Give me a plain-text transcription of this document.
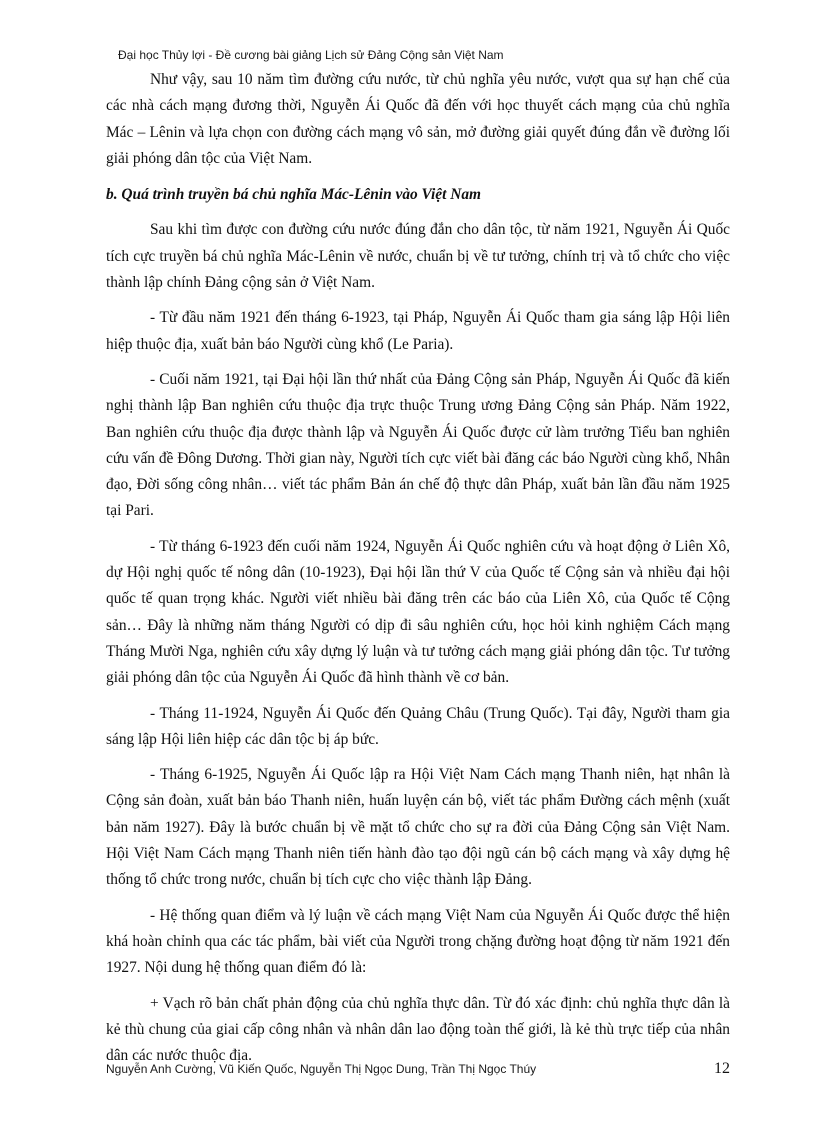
Đại học Thủy lợi - Đề cương bài giảng Lịch sử Đảng Cộng sản Việt Nam

Như vậy, sau 10 năm tìm đường cứu nước, từ chủ nghĩa yêu nước, vượt qua sự hạn chế của các nhà cách mạng đương thời, Nguyễn Ái Quốc đã đến với học thuyết cách mạng của chủ nghĩa Mác – Lênin và lựa chọn con đường cách mạng vô sản, mở đường giải quyết đúng đắn về đường lối giải phóng dân tộc của Việt Nam.

b. Quá trình truyền bá chủ nghĩa Mác-Lênin vào Việt Nam

Sau khi tìm được con đường cứu nước đúng đắn cho dân tộc, từ năm 1921, Nguyễn Ái Quốc tích cực truyền bá chủ nghĩa Mác-Lênin về nước, chuẩn bị về tư tưởng, chính trị và tổ chức cho việc thành lập chính Đảng cộng sản ở Việt Nam.

- Từ đầu năm 1921 đến tháng 6-1923, tại Pháp, Nguyễn Ái Quốc tham gia sáng lập Hội liên hiệp thuộc địa, xuất bản báo Người cùng khổ (Le Paria).

- Cuối năm 1921, tại Đại hội lần thứ nhất của Đảng Cộng sản Pháp, Nguyễn Ái Quốc đã kiến nghị thành lập Ban nghiên cứu thuộc địa trực thuộc Trung ương Đảng Cộng sản Pháp. Năm 1922, Ban nghiên cứu thuộc địa được thành lập và Nguyễn Ái Quốc được cử làm trưởng Tiểu ban nghiên cứu vấn đề Đông Dương. Thời gian này, Người tích cực viết bài đăng các báo Người cùng khổ, Nhân đạo, Đời sống công nhân… viết tác phẩm Bản án chế độ thực dân Pháp, xuất bản lần đầu năm 1925 tại Pari.

- Từ tháng 6-1923 đến cuối năm 1924, Nguyễn Ái Quốc nghiên cứu và hoạt động ở Liên Xô, dự Hội nghị quốc tế nông dân (10-1923), Đại hội lần thứ V của Quốc tế Cộng sản và nhiều đại hội quốc tế quan trọng khác. Người viết nhiều bài đăng trên các báo của Liên Xô, của Quốc tế Cộng sản… Đây là những năm tháng Người có dịp đi sâu nghiên cứu, học hỏi kinh nghiệm Cách mạng Tháng Mười Nga, nghiên cứu xây dựng lý luận và tư tưởng cách mạng giải phóng dân tộc. Tư tưởng giải phóng dân tộc của Nguyễn Ái Quốc đã hình thành về cơ bản.

- Tháng 11-1924, Nguyễn Ái Quốc đến Quảng Châu (Trung Quốc). Tại đây, Người tham gia sáng lập Hội liên hiệp các dân tộc bị áp bức.

- Tháng 6-1925, Nguyễn Ái Quốc lập ra Hội Việt Nam Cách mạng Thanh niên, hạt nhân là Cộng sản đoàn, xuất bản báo Thanh niên, huấn luyện cán bộ, viết tác phẩm Đường cách mệnh (xuất bản năm 1927). Đây là bước chuẩn bị về mặt tổ chức cho sự ra đời của Đảng Cộng sản Việt Nam. Hội Việt Nam Cách mạng Thanh niên tiến hành đào tạo đội ngũ cán bộ cách mạng và xây dựng hệ thống tổ chức trong nước, chuẩn bị tích cực cho việc thành lập Đảng.

- Hệ thống quan điểm và lý luận về cách mạng Việt Nam của Nguyễn Ái Quốc được thể hiện khá hoàn chỉnh qua các tác phẩm, bài viết của Người trong chặng đường hoạt động từ năm 1921 đến 1927. Nội dung hệ thống quan điểm đó là:

+ Vạch rõ bản chất phản động của chủ nghĩa thực dân. Từ đó xác định: chủ nghĩa thực dân là kẻ thù chung của giai cấp công nhân và nhân dân lao động toàn thế giới, là kẻ thù trực tiếp của nhân dân các nước thuộc địa.

Nguyễn Anh Cường, Vũ Kiến Quốc, Nguyễn Thị Ngọc Dung, Trần Thị Ngọc Thúy	12
